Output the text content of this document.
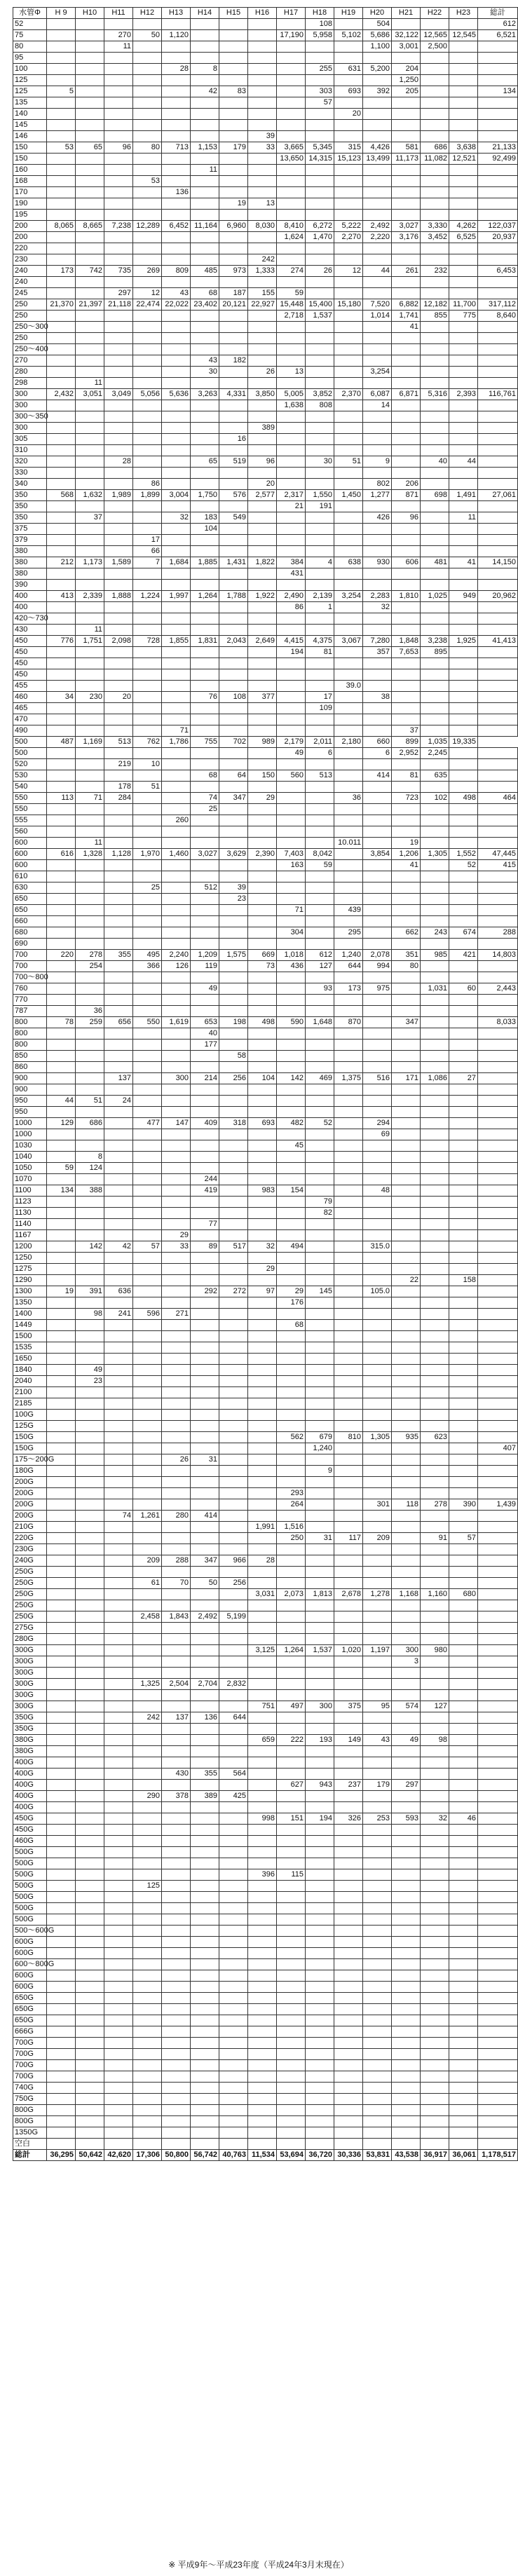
水管Φ	H 9	H10	H11	H12	H13	H14	H15	H16	H17	H18	H19	H20	H21	H22	H23	総計	
52										108		504				612	
75			270	50	1,120				17,190	5,958	5,102	5,686	32,122	12,565	12,545	6,521	
80			11									1,100	3,001	2,500			
95																	
100					28	8				255	631	5,200	204				
125													1,250				
125	5					42	83			303	693	392	205			134	
135										57							
140											20						
145																	
146								39									
150	53	65	96	80	713	1,153	179	33	3,665	5,345	315	4,426	581	686	3,638	21,133	
150									13,650	14,315	15,123	13,499	11,173	11,082	12,521	92,499	
160						11											
168				53													
170					136												
190							19	13									
195																	
200	8,065	8,665	7,238	12,289	6,452	11,164	6,960	8,030	8,410	6,272	5,222	2,492	3,027	3,330	4,262	122,037	
200									1,624	1,470	2,270	2,220	3,176	3,452	6,525	20,937	
220																	
230								242									
240	173	742	735	269	809	485	973	1,333	274	26	12	44	261	232		6,453	
240																	
245			297	12	43	68	187	155	59								
250	21,370	21,397	21,118	22,474	22,022	23,402	20,121	22,927	15,448	15,400	15,180	7,520	6,882	12,182	11,700	317,112	
250									2,718	1,537		1,014	1,741	855	775	8,640	
250～300													41				
250																	
250～400																	
270						43	182										
280						30		26	13			3,254					
298		11															
300	2,432	3,051	3,049	5,056	5,636	3,263	4,331	3,850	5,005	3,852	2,370	6,087	6,871	5,316	2,393	116,761	
300									1,638	808		14					
300～350																	
300								389									
305							16										
310																	
320			28			65	519	96		30	51	9		40	44		
330																	
340				86				20				802	206				
350	568	1,632	1,989	1,899	3,004	1,750	576	2,577	2,317	1,550	1,450	1,277	871	698	1,491	27,061	
350									21	191							
350		37			32	183	549					426	96		11		
375						104											
379				17													
380				66													
380	212	1,173	1,589	7	1,684	1,885	1,431	1,822	384	4	638	930	606	481	41	14,150	
380									431								
390																	
400	413	2,339	1,888	1,224	1,997	1,264	1,788	1,922	2,490	2,139	3,254	2,283	1,810	1,025	949	20,962	
400									86	1		32					
420～730																	
430		11															
450	776	1,751	2,098	728	1,855	1,831	2,043	2,649	4,415	4,375	3,067	7,280	1,848	3,238	1,925	41,413	
450									194	81		357	7,653	895			
450																	
450																	
455											39.0						
460	34	230	20			76	108	377		17		38					
465										109							
470																	
490					71								37				
500	487	1,169	513	762	1,786	755	702	989	2,179	2,011	2,180	660	899	1,035	19,335		
500									49	6		6	2,952	2,245			
520			219	10													
530						68	64	150	560	513		414	81	635			
540			178	51													
550	113	71	284			74	347	29			36		723	102	498	464	
550						25											
555					260												
560																	
600		11									10.011		19				
600	616	1,328	1,128	1,970	1,460	3,027	3,629	2,390	7,403	8,042		3,854	1,206	1,305	1,552	47,445	
600									163	59			41		52	415	
610																	
630				25		512	39										
650							23										
650									71		439						
660																	
680									304		295		662	243	674	288	
690																	
700	220	278	355	495	2,240	1,209	1,575	669	1,018	612	1,240	2,078	351	985	421	14,803	
700		254		366	126	119		73	436	127	644	994	80				
700～800																	
760						49				93	173	975		1,031	60	2,443	
770																	
787		36															
800	78	259	656	550	1,619	653	198	498	590	1,648	870		347			8,033	
800						40											
800						177											
850							58										
860																	
900			137		300	214	256	104	142	469	1,375	516	171	1,086	27		
900																	
950	44	51	24														
950																	
1000	129	686		477	147	409	318	693	482	52		294					
1000												69					
1030									45								
1040		8															
1050	59	124															
1070						244											
1100	134	388				419		983	154			48					
1123										79							
1130										82							
1140						77											
1167					29												
1200		142	42	57	33	89	517	32	494			315.0					
1250																	
1275								29									
1290													22		158		
1300	19	391	636			292	272	97	29	145		105.0					
1350									176								
1400		98	241	596	271												
1449									68								
1500																	
1535																	
1650																	
1840		49															
2040		23															
2100																	
2185																	
100G																	
125G																	
150G									562	679	810	1,305	935	623			
150G										1,240						407	
175～200G					26	31											
180G										9							
200G																	
200G									293								
200G									264			301	118	278	390	1,439	
200G			74	1,261	280	414											
210G								1,991	1,516								
220G									250	31	117	209		91	57		
230G																	
240G				209	288	347	966	28									
250G																	
250G				61	70	50	256										
250G								3,031	2,073	1,813	2,678	1,278	1,168	1,160	680		
250G																	
250G				2,458	1,843	2,492	5,199										
275G																	
280G																	
300G								3,125	1,264	1,537	1,020	1,197	300	980			
300G													3				
300G																	
300G				1,325	2,504	2,704	2,832										
300G																	
300G								751	497	300	375	95	574	127			
350G				242	137	136	644										
350G																	
380G								659	222	193	149	43	49	98			
380G																	
400G																	
400G					430	355	564										
400G									627	943	237	179	297				
400G				290	378	389	425										
400G																	
450G								998	151	194	326	253	593	32	46		
450G																	
460G																	
500G																	
500G																	
500G								396	115								
500G				125													
500G																	
500G																	
500G																	
500～600G																	
600G																	
600G																	
600～800G																	
600G																	
600G																	
650G																	
650G																	
650G																	
666G																	
700G																	
700G																	
700G																	
700G																	
740G																	
750G																	
800G																	
800G																	
1350G																	
空白																	
総計	36,295	50,642	42,620	17,306	50,800	56,742	40,763	11,534	53,694	36,720	30,336	53,831	43,538	36,917	36,061	1,178,517	
※ 平成9年～平成23年度（平成24年3月末現在）
